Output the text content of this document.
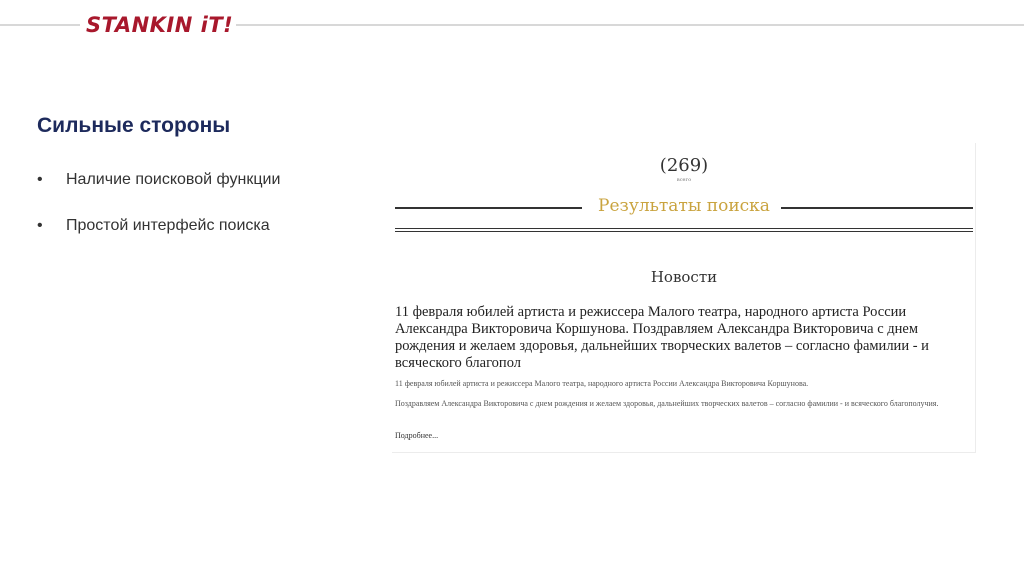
STANKIN iT!
Сильные стороны
•	Наличие поисковой функции
•	Простой интерфейс поиска
(269)
всего
Результаты поиска
Новости
11 февраля юбилей артиста и режиссера Малого театра, народного артиста России Александра Викторовича Коршунова. Поздравляем Александра Викторовича с днем рождения и желаем здоровья, дальнейших творческих валетов – согласно фамилии - и всяческого благопол
11 февраля юбилей артиста и режиссера Малого театра, народного артиста России Александра Викторовича Коршунова.
Поздравляем Александра Викторовича с днем рождения и желаем здоровья, дальнейших творческих валетов – согласно фамилии - и всяческого благополучия.
Подробнее...
